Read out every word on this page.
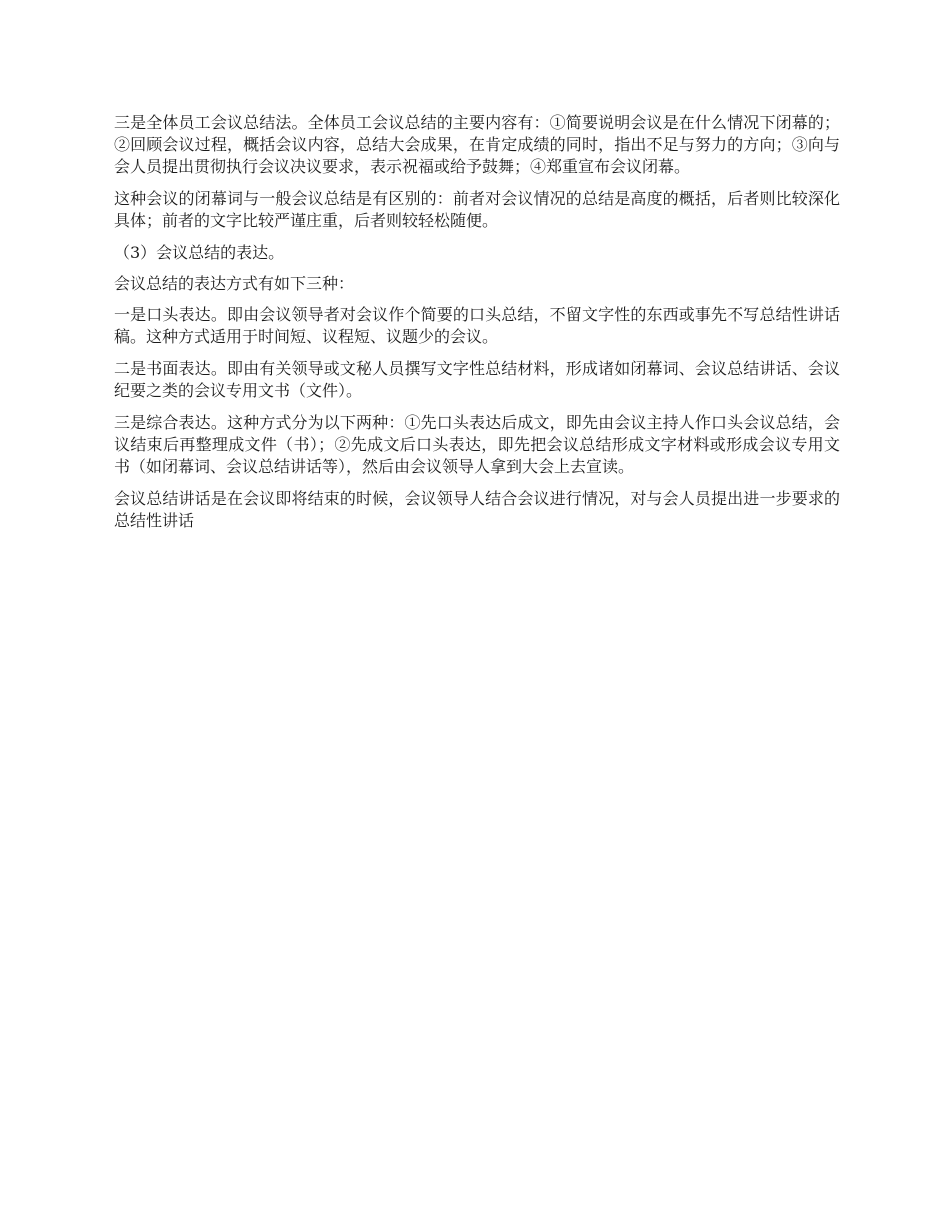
三是全体员工会议总结法。全体员工会议总结的主要内容有：①简要说明会议是在什么情况下闭幕的；②回顾会议过程，概括会议内容，总结大会成果，在肯定成绩的同时，指出不足与努力的方向；③向与会人员提出贯彻执行会议决议要求，表示祝福或给予鼓舞；④郑重宣布会议闭幕。

这种会议的闭幕词与一般会议总结是有区别的：前者对会议情况的总结是高度的概括，后者则比较深化具体；前者的文字比较严谨庄重，后者则较轻松随便。

（3）会议总结的表达。

会议总结的表达方式有如下三种：

一是口头表达。即由会议领导者对会议作个简要的口头总结，不留文字性的东西或事先不写总结性讲话稿。这种方式适用于时间短、议程短、议题少的会议。

二是书面表达。即由有关领导或文秘人员撰写文字性总结材料，形成诸如闭幕词、会议总结讲话、会议纪要之类的会议专用文书（文件）。

三是综合表达。这种方式分为以下两种：①先口头表达后成文，即先由会议主持人作口头会议总结，会议结束后再整理成文件（书）；②先成文后口头表达，即先把会议总结形成文字材料或形成会议专用文书（如闭幕词、会议总结讲话等），然后由会议领导人拿到大会上去宣读。

会议总结讲话是在会议即将结束的时候，会议领导人结合会议进行情况，对与会人员提出进一步要求的总结性讲话
